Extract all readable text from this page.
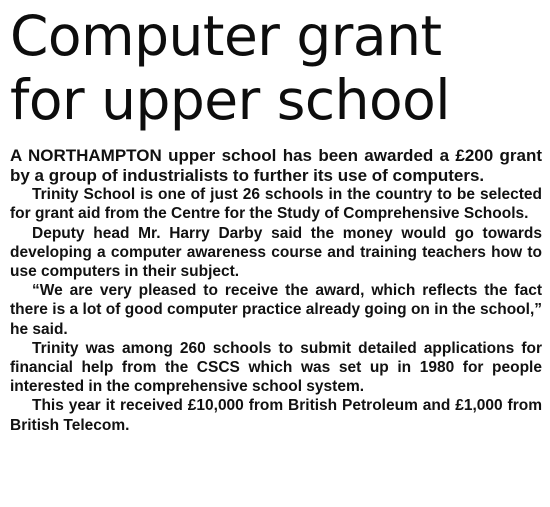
Computer grant
for upper school

A NORTHAMPTON upper school has been awarded a £200 grant by a group of industrialists to further its use of computers.

Trinity School is one of just 26 schools in the country to be selected for grant aid from the Centre for the Study of Comprehensive Schools.

Deputy head Mr. Harry Darby said the money would go towards developing a computer awareness course and training teachers how to use computers in their subject.

“We are very pleased to receive the award, which reflects the fact there is a lot of good computer practice already going on in the school,” he said.

Trinity was among 260 schools to submit detailed applications for financial help from the CSCS which was set up in 1980 for people interested in the comprehensive school system.

This year it received £10,000 from British Petroleum and £1,000 from British Telecom.
